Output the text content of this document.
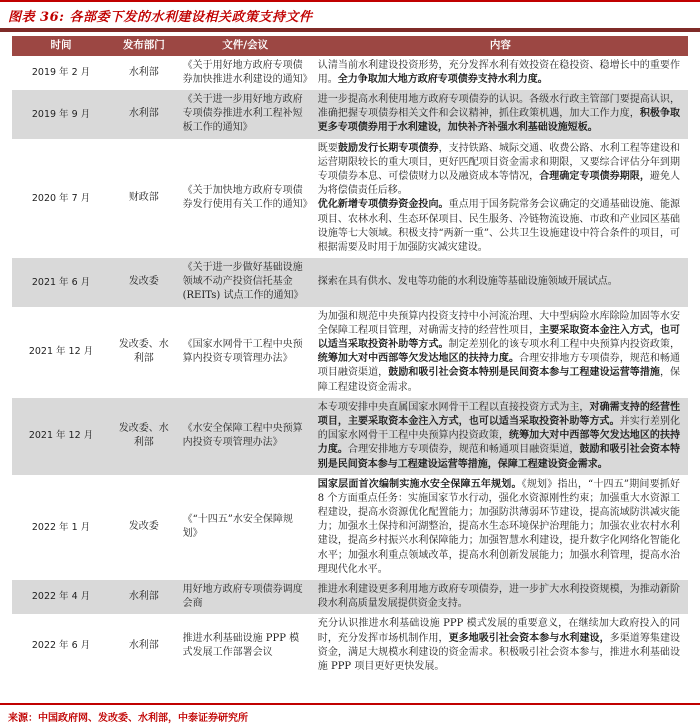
图表 36: 各部委下发的水利建设相关政策支持文件
时间	发布部门	文件/会议	内容
2019 年 2 月	水利部	《关于用好地方政府专项债券加快推进水利建设的通知》	认清当前水利建设投资形势，充分发挥水利有效投资在稳投资、稳增长中的重要作用。全力争取加大地方政府专项债券支持水利力度。

2019 年 9 月	水利部	《关于进一步用好地方政府专项债券推进水利工程补短板工作的通知》	进一步提高水利使用地方政府专项债券的认识。各级水行政主管部门要提高认识，准确把握专项债券相关文件和会议精神，抓住政策机遇，加大工作力度，积极争取更多专项债券用于水利建设，加快补齐补强水利基础设施短板。

2020 年 7 月	财政部	《关于加快地方政府专项债券发行使用有关工作的通知》	既要鼓励发行长期专项债券，支持铁路、城际交通、收费公路、水利工程等建设和运营期限较长的重大项目，更好匹配项目资金需求和期限，又要综合评估分年到期专项债券本息、可偿债财力以及融资成本等情况，合理确定专项债券期限，避免人为将偿债责任后移。
优化新增专项债券资金投向。重点用于国务院常务会议确定的交通基础设施、能源项目、农林水利、生态环保项目、民生服务、冷链物流设施、市政和产业园区基础设施等七大领域。积极支持“两新一重”、公共卫生设施建设中符合条件的项目，可根据需要及时用于加强防灾减灾建设。

2021 年 6 月	发改委	《关于进一步做好基础设施领域不动产投资信托基金 (REITs) 试点工作的通知》	探索在具有供水、发电等功能的水利设施等基础设施领域开展试点。

2021 年 12 月	发改委、水利部	《国家水网骨干工程中央预算内投资专项管理办法》	为加强和规范中央预算内投资支持中小河流治理、大中型病险水库除险加固等水安全保障工程项目管理，对确需支持的经营性项目，主要采取资本金注入方式，也可以适当采取投资补助等方式。制定差别化的该专项水利工程中央预算内投资政策，统筹加大对中西部等欠发达地区的扶持力度。合理安排地方专项债券，规范和畅通项目融资渠道，鼓励和吸引社会资本特别是民间资本参与工程建设运营等措施，保障工程建设资金需求。

2021 年 12 月	发改委、水利部	《水安全保障工程中央预算内投资专项管理办法》	本专项安排中央直属国家水网骨干工程以直接投资方式为主，对确需支持的经营性项目，主要采取资本金注入方式，也可以适当采取投资补助等方式。并实行差别化的国家水网骨干工程中央预算内投资政策，统筹加大对中西部等欠发达地区的扶持力度。合理安排地方专项债券，规范和畅通项目融资渠道，鼓励和吸引社会资本特别是民间资本参与工程建设运营等措施，保障工程建设资金需求。

2022 年 1 月	发改委	《“十四五”水安全保障规划》	国家层面首次编制实施水安全保障五年规划。《规划》指出，“十四五”期间要抓好 8 个方面重点任务：实施国家节水行动，强化水资源刚性约束；加强重大水资源工程建设，提高水资源优化配置能力；加强防洪薄弱环节建设，提高流域防洪减灾能力；加强水土保持和河湖整治，提高水生态环境保护治理能力；加强农业农村水利建设，提高乡村振兴水利保障能力；加强智慧水利建设，提升数字化网络化智能化水平；加强水利重点领域改革，提高水利创新发展能力；加强水利管理，提高水治理现代化水平。

2022 年 4 月	水利部	用好地方政府专项债券调度会商	推进水利建设更多利用地方政府专项债券，进一步扩大水利投资规模，为推动新阶段水利高质量发展提供资金支持。

2022 年 6 月	水利部	推进水利基础设施 PPP 模式发展工作部署会议	充分认识推进水利基础设施 PPP 模式发展的重要意义，在继续加大政府投入的同时，充分发挥市场机制作用，更多地吸引社会资本参与水利建设，多渠道筹集建设资金，满足大规模水利建设的资金需求。积极吸引社会资本参与，推进水利基础设施 PPP 项目更好更快发展。
来源：中国政府网、发改委、水利部，中泰证券研究所
